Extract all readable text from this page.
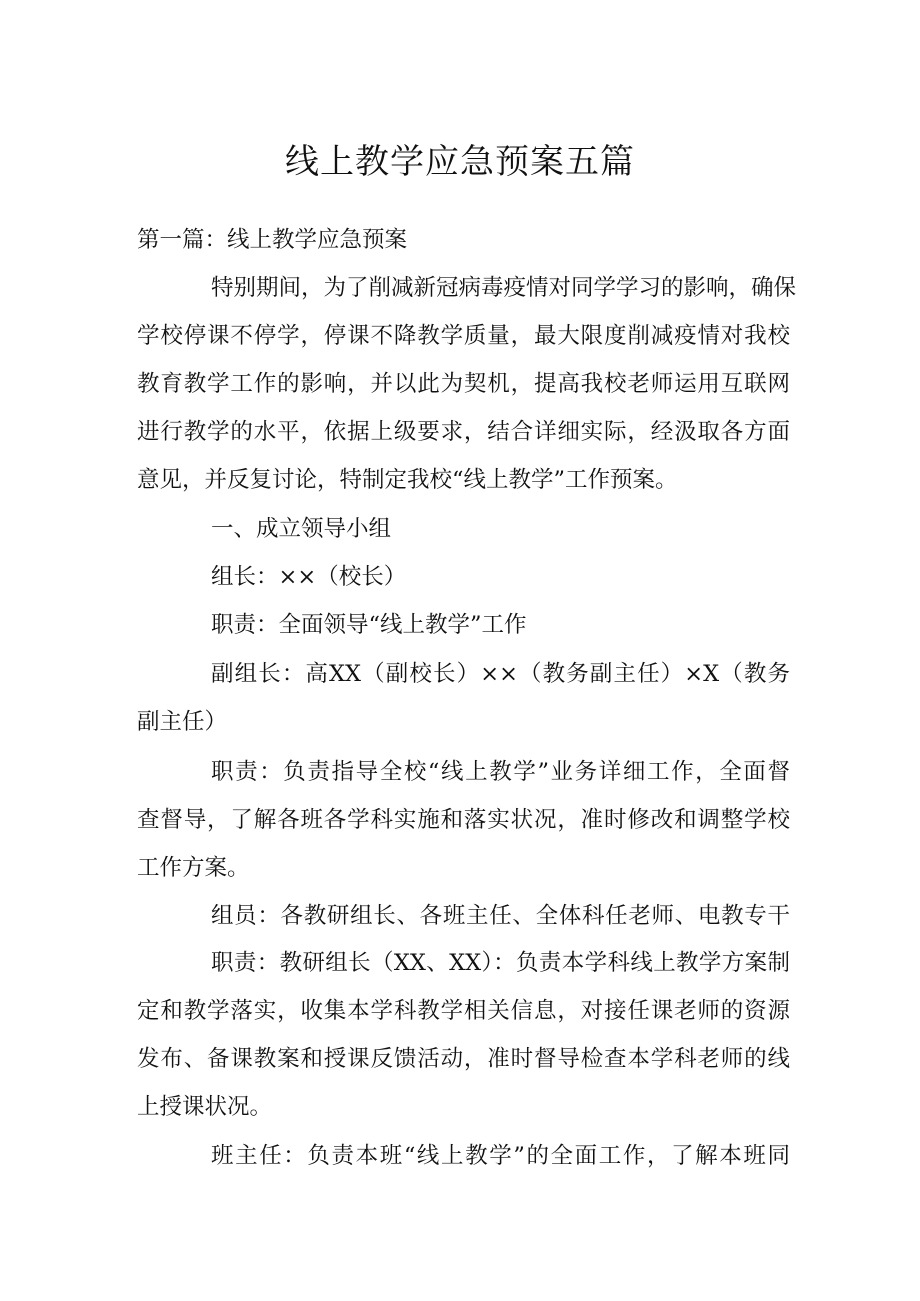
线上教学应急预案五篇
第一篇：线上教学应急预案
特别期间，为了削减新冠病毒疫情对同学学习的影响，确保
学校停课不停学，停课不降教学质量，最大限度削减疫情对我校
教育教学工作的影响，并以此为契机，提高我校老师运用互联网
进行教学的水平，依据上级要求，结合详细实际，经汲取各方面
意见，并反复讨论，特制定我校“线上教学”工作预案。
一、成立领导小组
组长：××（校长）
职责：全面领导“线上教学”工作
副组长：高XX（副校长）××（教务副主任）×X（教务
副主任）
职责：负责指导全校“线上教学”业务详细工作，全面督
查督导，了解各班各学科实施和落实状况，准时修改和调整学校
工作方案。
组员：各教研组长、各班主任、全体科任老师、电教专干
职责：教研组长（XX、XX）：负责本学科线上教学方案制
定和教学落实，收集本学科教学相关信息，对接任课老师的资源
发布、备课教案和授课反馈活动，准时督导检查本学科老师的线
上授课状况。
班主任：负责本班“线上教学”的全面工作，了解本班同
